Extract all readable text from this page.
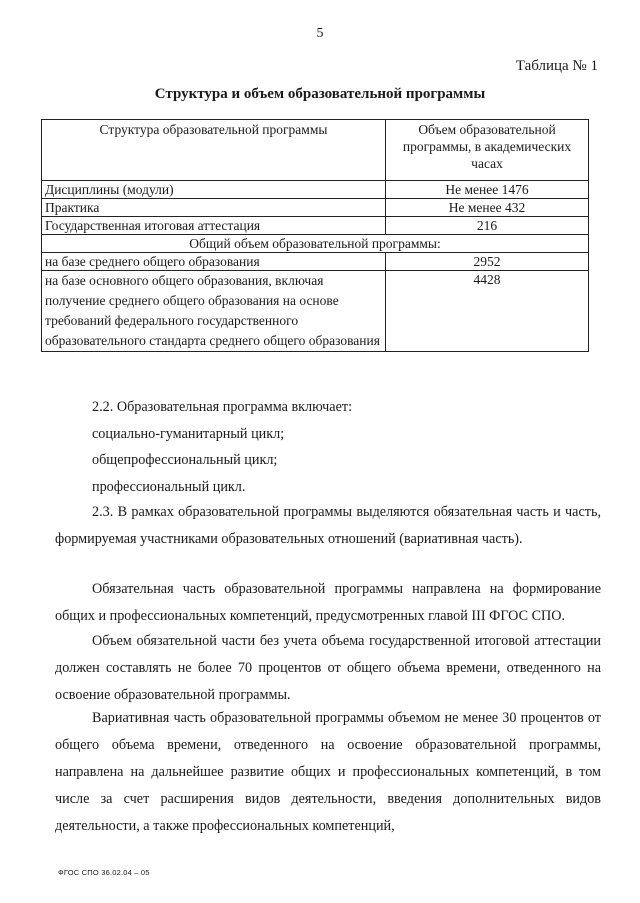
5
Таблица № 1
Структура и объем образовательной программы
Структура образовательной программы	Объем образовательной программы, в академических часах
Дисциплины (модули)	Не менее 1476
Практика	Не менее 432
Государственная итоговая аттестация	216
Общий объем образовательной программы:	
на базе среднего общего образования	2952
на базе основного общего образования, включая получение среднего общего образования на основе требований федерального государственного образовательного стандарта среднего общего образования	4428
2.2. Образовательная программа включает:
социально-гуманитарный цикл;
общепрофессиональный цикл;
профессиональный цикл.
2.3. В рамках образовательной программы выделяются обязательная часть и часть, формируемая участниками образовательных отношений (вариативная часть).
Обязательная часть образовательной программы направлена на формирование общих и профессиональных компетенций, предусмотренных главой III ФГОС СПО.
Объем обязательной части без учета объема государственной итоговой аттестации должен составлять не более 70 процентов от общего объема времени, отведенного на освоение образовательной программы.
Вариативная часть образовательной программы объемом не менее 30 процентов от общего объема времени, отведенного на освоение образовательной программы, направлена на дальнейшее развитие общих и профессиональных компетенций, в том числе за счет расширения видов деятельности, введения дополнительных видов деятельности, а также профессиональных компетенций,
ФГОС СПО 36.02.04 – 05
